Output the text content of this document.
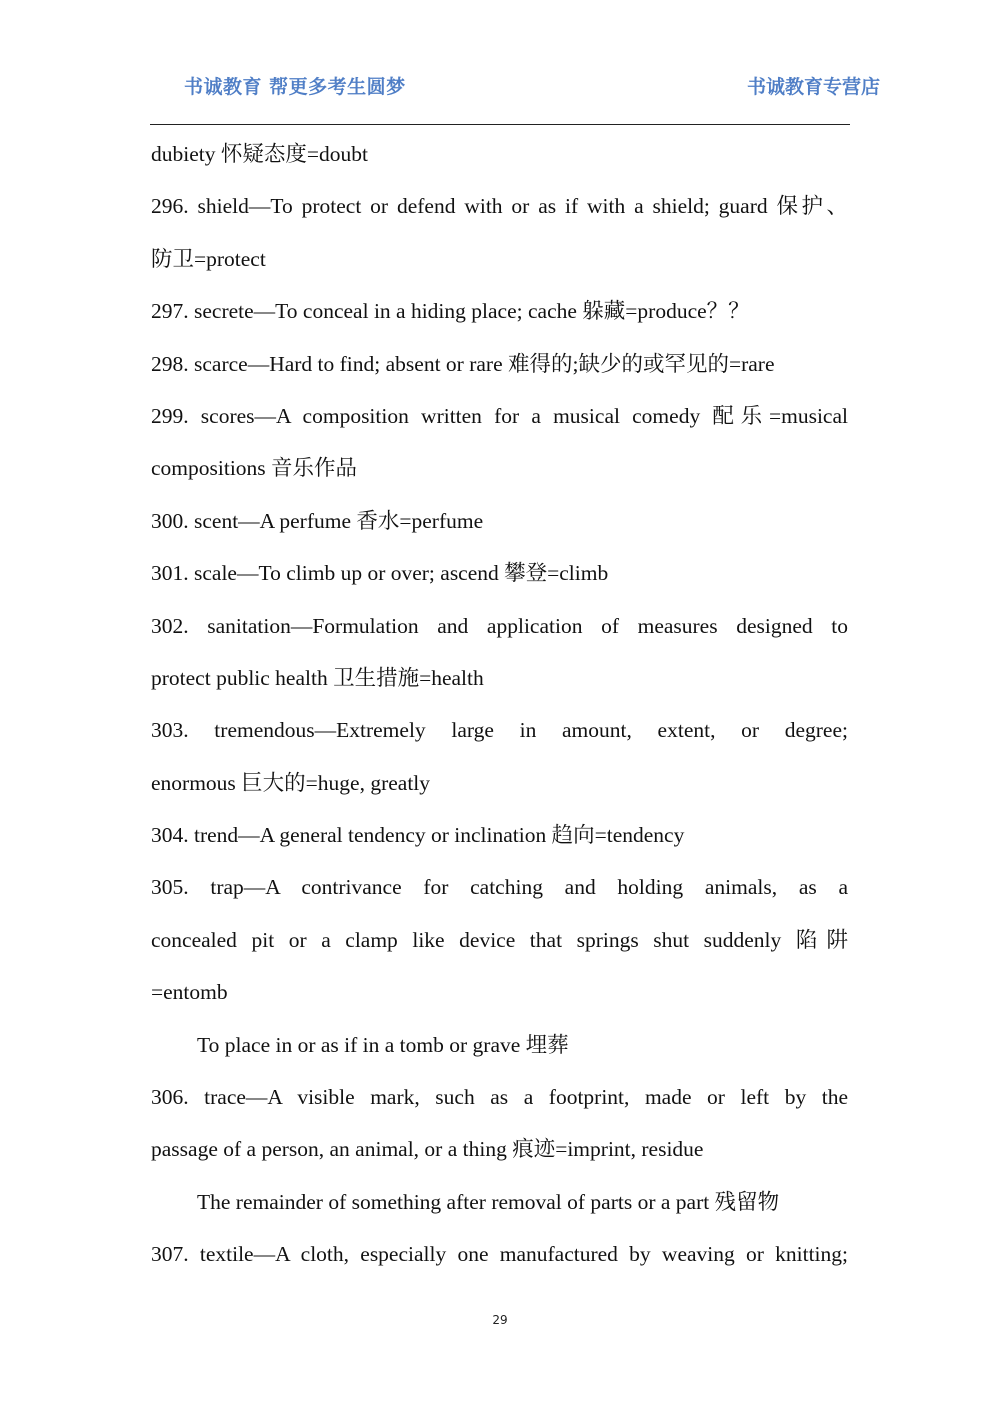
书诚教育 帮更多考生圆梦	书诚教育专营店
dubiety 怀疑态度=doubt
296. shield—To protect or defend with or as if with a shield; guard 保护、
防卫=protect
297. secrete—To conceal in a hiding place; cache 躲藏=produce？？
298. scarce—Hard to find; absent or rare 难得的;缺少的或罕见的=rare
299. scores—A composition written for a musical comedy 配乐=musical
compositions 音乐作品
300. scent—A perfume 香水=perfume
301. scale—To climb up or over; ascend 攀登=climb
302. sanitation—Formulation and application of measures designed to
protect public health 卫生措施=health
303. tremendous—Extremely large in amount, extent, or degree;
enormous 巨大的=huge, greatly
304. trend—A general tendency or inclination 趋向=tendency
305. trap—A contrivance for catching and holding animals, as a
concealed pit or a clamp like device that springs shut suddenly 陷阱
=entomb
To place in or as if in a tomb or grave 埋葬
306. trace—A visible mark, such as a footprint, made or left by the
passage of a person, an animal, or a thing 痕迹=imprint, residue
The remainder of something after removal of parts or a part 残留物
307. textile—A cloth, especially one manufactured by weaving or knitting;
29
